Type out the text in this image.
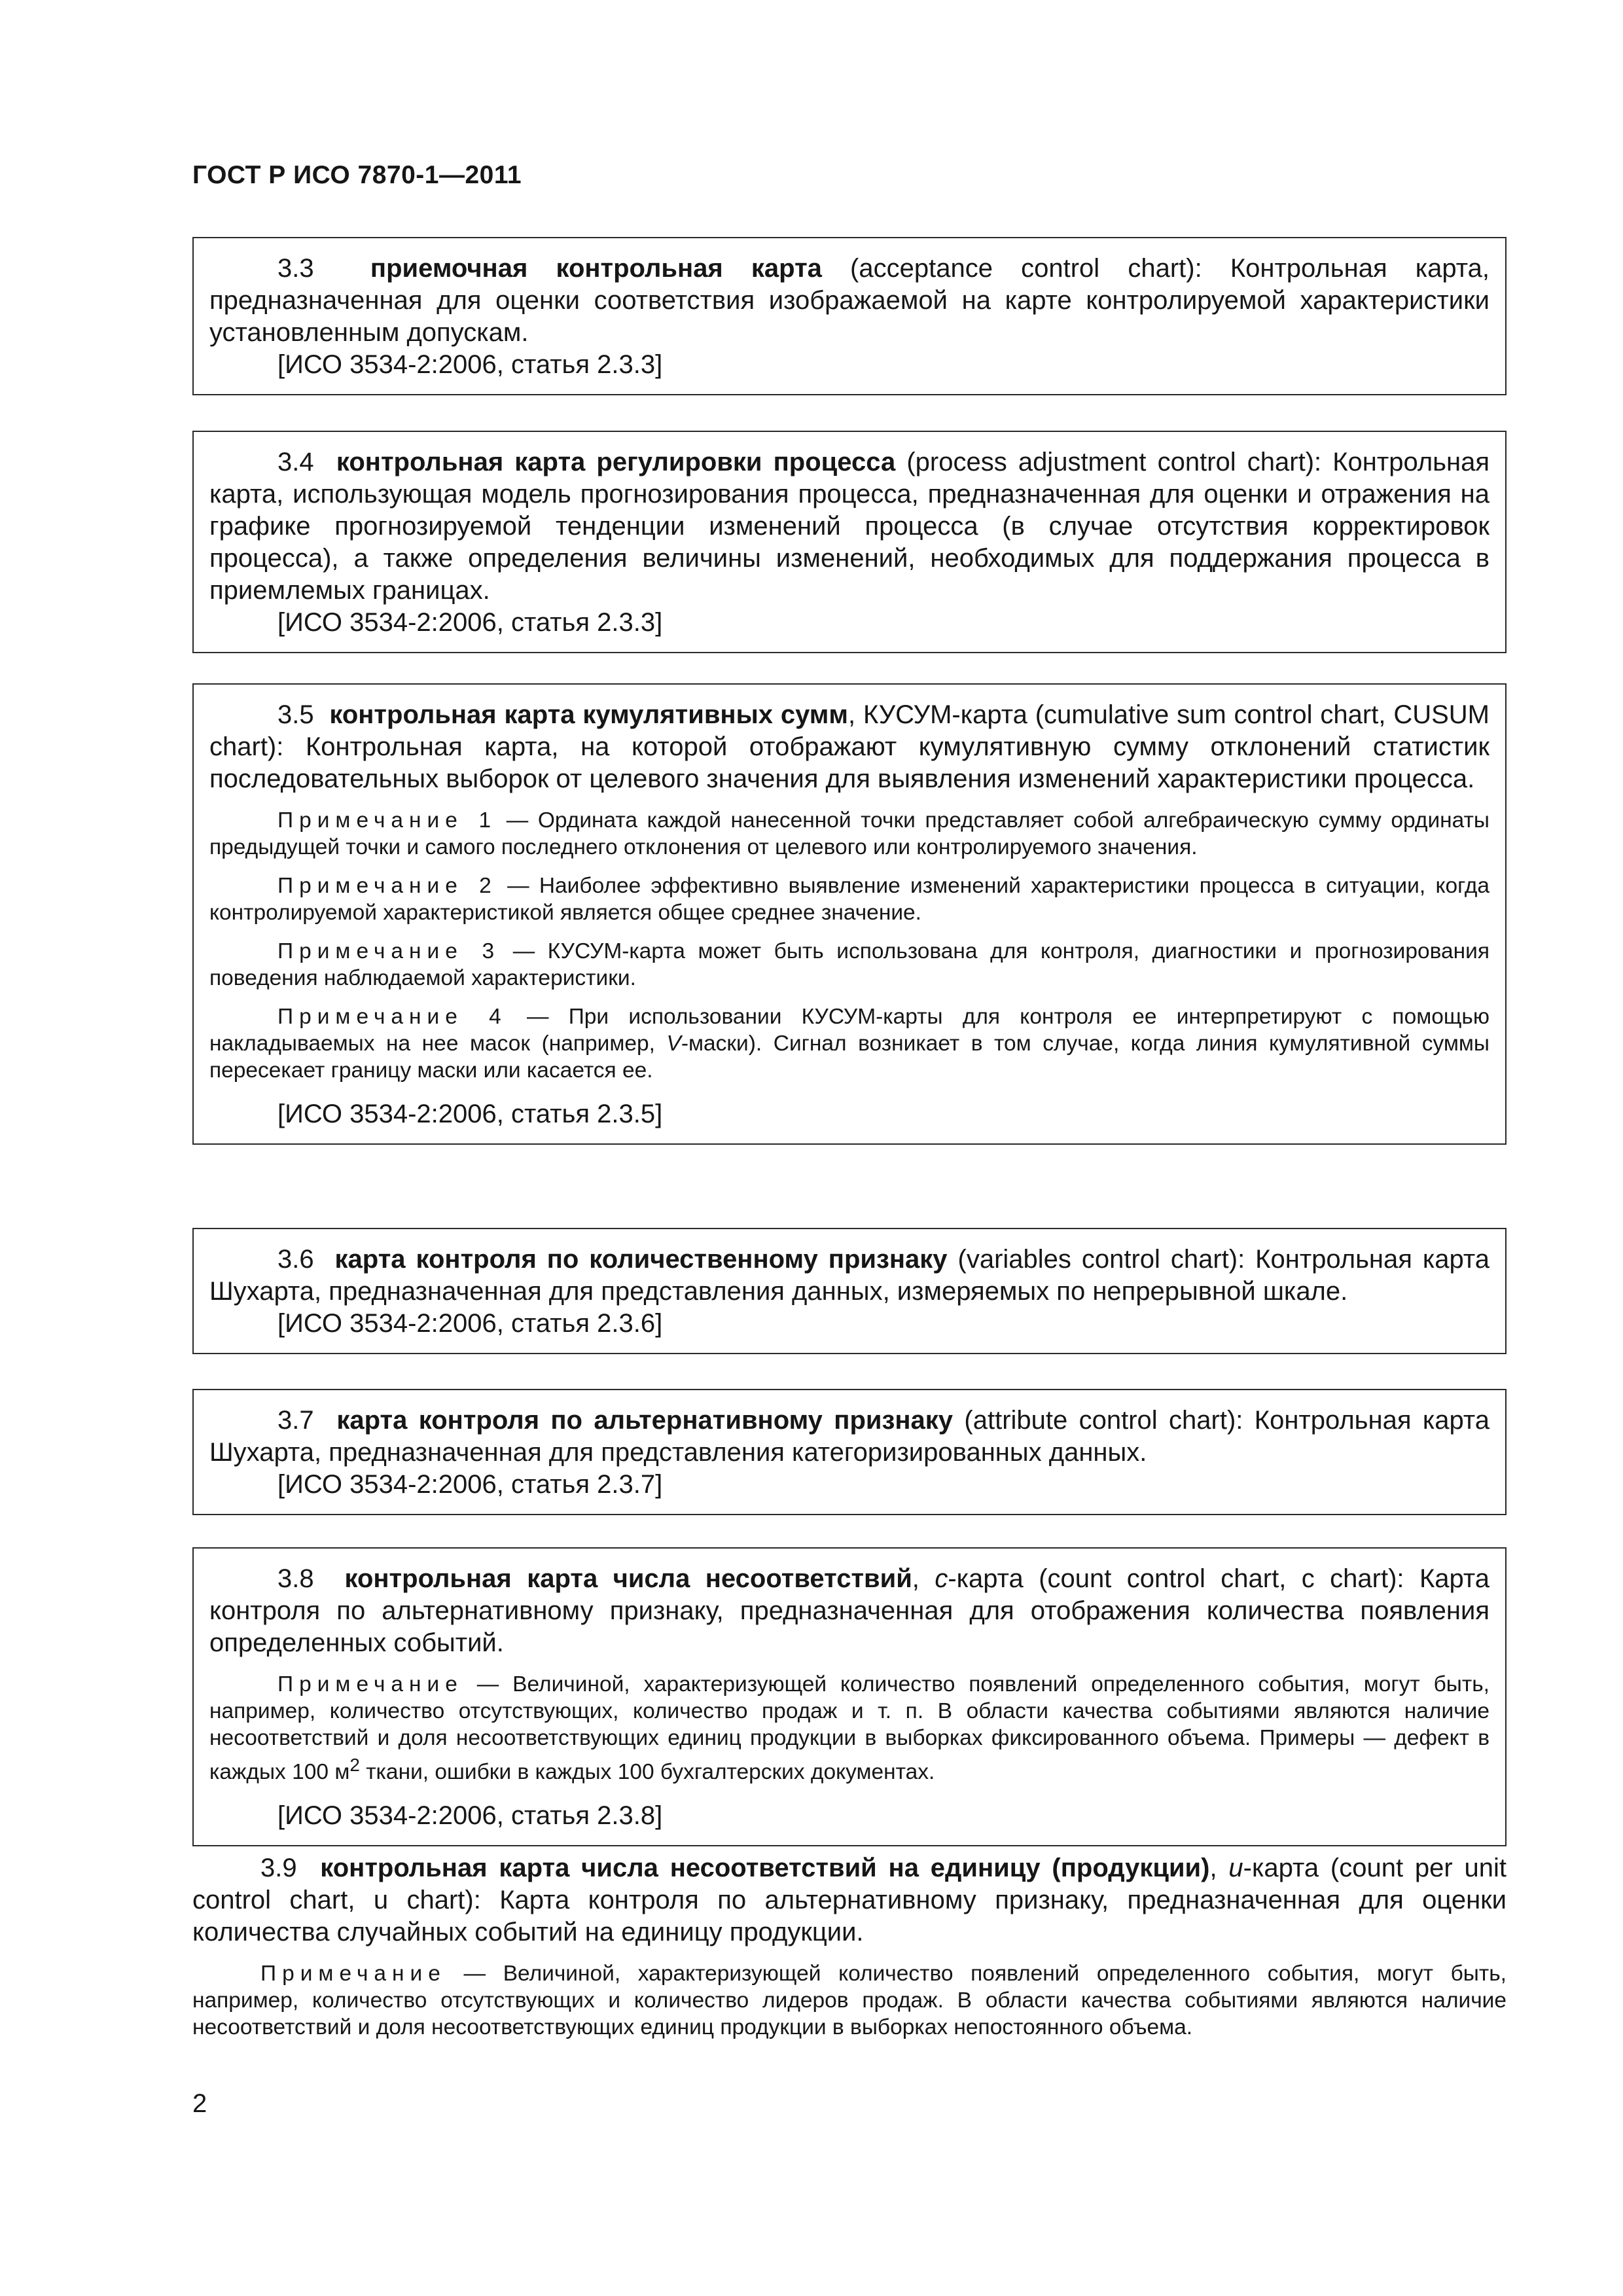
ГОСТ Р ИСО 7870-1—2011

3.3 приемочная контрольная карта (acceptance control chart): Контрольная карта, предназначенная для оценки соответствия изображаемой на карте контролируемой характеристики установленным допускам.

[ИСО 3534-2:2006, статья 2.3.3]

3.4 контрольная карта регулировки процесса (process adjustment control chart): Контрольная карта, использующая модель прогнозирования процесса, предназначенная для оценки и отражения на графике прогнозируемой тенденции изменений процесса (в случае отсутствия корректировок процесса), а также определения величины изменений, необходимых для поддержания процесса в приемлемых границах.

[ИСО 3534-2:2006, статья 2.3.3]

3.5 контрольная карта кумулятивных сумм, КУСУМ-карта (cumulative sum control chart, CUSUM chart): Контрольная карта, на которой отображают кумулятивную сумму отклонений статистик последовательных выборок от целевого значения для выявления изменений характеристики процесса.

Примечание 1 — Ордината каждой нанесенной точки представляет собой алгебраическую сумму ординаты предыдущей точки и самого последнего отклонения от целевого или контролируемого значения.

Примечание 2 — Наиболее эффективно выявление изменений характеристики процесса в ситуации, когда контролируемой характеристикой является общее среднее значение.

Примечание 3 — КУСУМ-карта может быть использована для контроля, диагностики и прогнозирования поведения наблюдаемой характеристики.

Примечание 4 — При использовании КУСУМ-карты для контроля ее интерпретируют с помощью накладываемых на нее масок (например, V-маски). Сигнал возникает в том случае, когда линия кумулятивной суммы пересекает границу маски или касается ее.

[ИСО 3534-2:2006, статья 2.3.5]

3.6 карта контроля по количественному признаку (variables control chart): Контрольная карта Шухарта, предназначенная для представления данных, измеряемых по непрерывной шкале.

[ИСО 3534-2:2006, статья 2.3.6]

3.7 карта контроля по альтернативному признаку (attribute control chart): Контрольная карта Шухарта, предназначенная для представления категоризированных данных.

[ИСО 3534-2:2006, статья 2.3.7]

3.8 контрольная карта числа несоответствий, c-карта (count control chart, c chart): Карта контроля по альтернативному признаку, предназначенная для отображения количества появления определенных событий.

Примечание — Величиной, характеризующей количество появлений определенного события, могут быть, например, количество отсутствующих, количество продаж и т. п. В области качества событиями являются наличие несоответствий и доля несоответствующих единиц продукции в выборках фиксированного объема. Примеры — дефект в каждых 100 $м^2$ ткани, ошибки в каждых 100 бухгалтерских документах.

[ИСО 3534-2:2006, статья 2.3.8]

3.9 контрольная карта числа несоответствий на единицу (продукции), u-карта (count per unit control chart, u chart): Карта контроля по альтернативному признаку, предназначенная для оценки количества случайных событий на единицу продукции.

Примечание — Величиной, характеризующей количество появлений определенного события, могут быть, например, количество отсутствующих и количество лидеров продаж. В области качества событиями являются наличие несоответствий и доля несоответствующих единиц продукции в выборках непостоянного объема.

2
